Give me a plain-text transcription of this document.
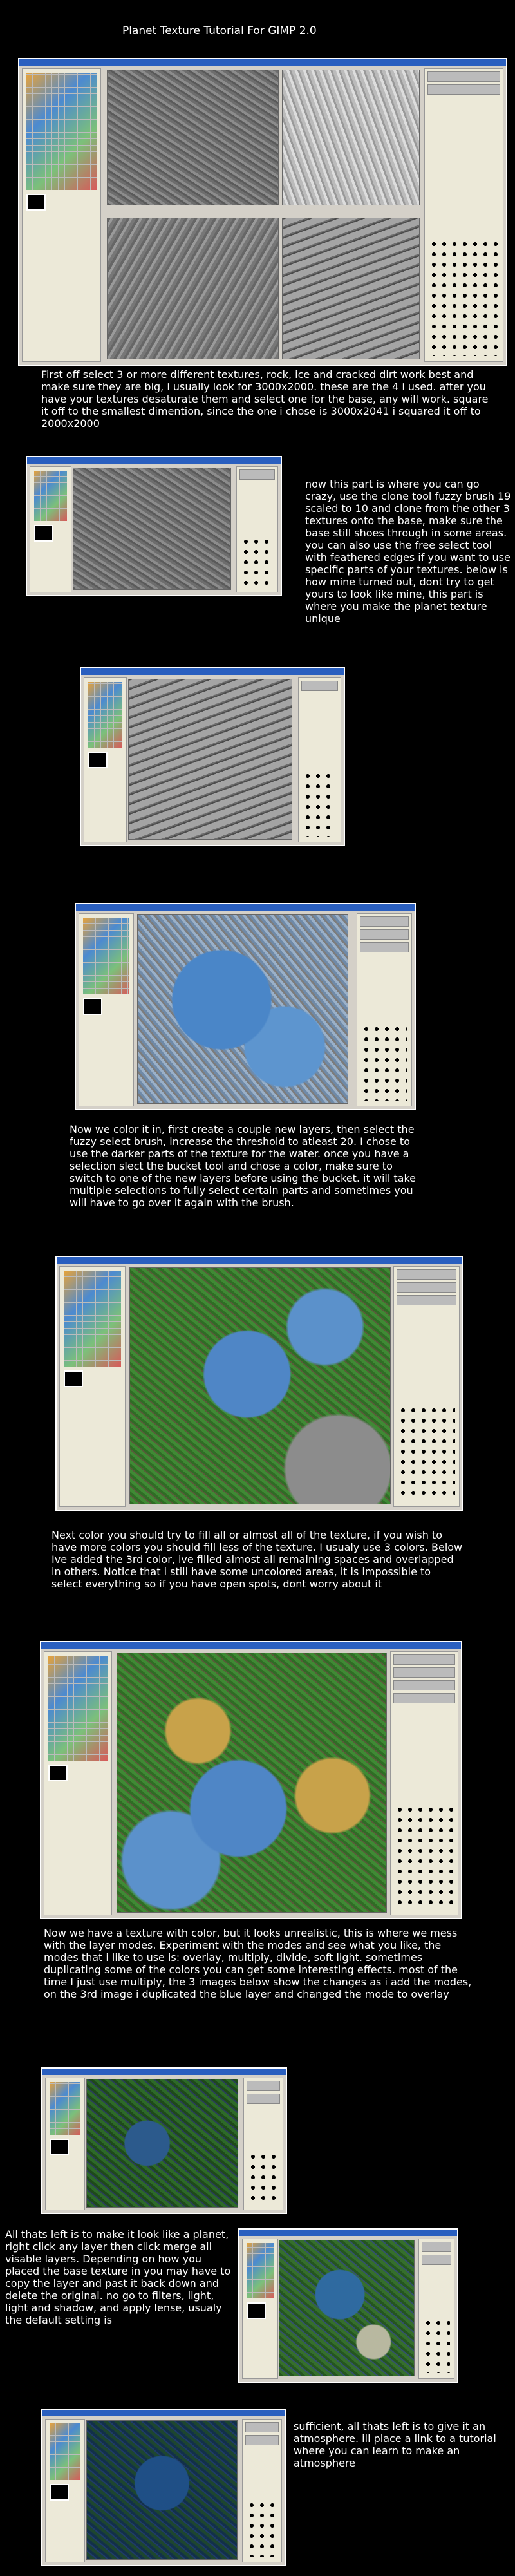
Planet Texture Tutorial For GIMP 2.0
First off select 3 or more different textures, rock, ice and cracked dirt work best and make sure they are big, i usually look for 3000x2000. these are the 4 i used. after you have your textures desaturate them and select one for the base, any will work. square it off to the smallest dimention, since the one i chose is 3000x2041 i squared it off to 2000x2000
now this part is where you can go crazy, use the clone tool fuzzy brush 19 scaled to 10 and clone from the other 3 textures onto the base, make sure the base still shoes through in some areas. you can also use the free select tool with feathered edges if you want to use specific parts of your textures. below is how mine turned out, dont try to get yours to look like mine, this part is where you make the planet texture unique
Now we color it in, first create a couple new layers, then select the fuzzy select brush, increase the threshold to atleast 20. I chose to use the darker parts of the texture for the water. once you have a selection slect the bucket tool and chose a color, make sure to switch to one of the new layers before using the bucket. it will take multiple selections to fully select certain parts and sometimes you will have to go over it again with the brush.
Next color you should try to fill all or almost all of the texture, if you wish to have more colors you should fill less of the texture. I usualy use 3 colors. Below Ive added the 3rd color, ive filled almost all remaining spaces and overlapped in others. Notice that i still have some uncolored areas, it is impossible to select everything so if you have open spots, dont worry about it
Now we have a texture with color, but it looks unrealistic, this is where we mess with the layer modes. Experiment with the modes and see what you like, the modes that i like to use is: overlay, multiply, divide, soft light. sometimes duplicating some of the colors you can get some interesting effects. most of the time I just use multiply, the 3 images below show the changes as i add the modes, on the 3rd image i duplicated the blue layer and changed the mode to overlay
All thats left is to make it look like a planet, right click any layer then click merge all visable layers. Depending on how you placed the base texture in you may have to copy the layer and past it back down and delete the original. no go to filters, light, light and shadow, and apply lense, usualy the default setting is
sufficient, all thats left is to give it an atmosphere. ill place a link to a tutorial where you can learn to make an atmosphere
